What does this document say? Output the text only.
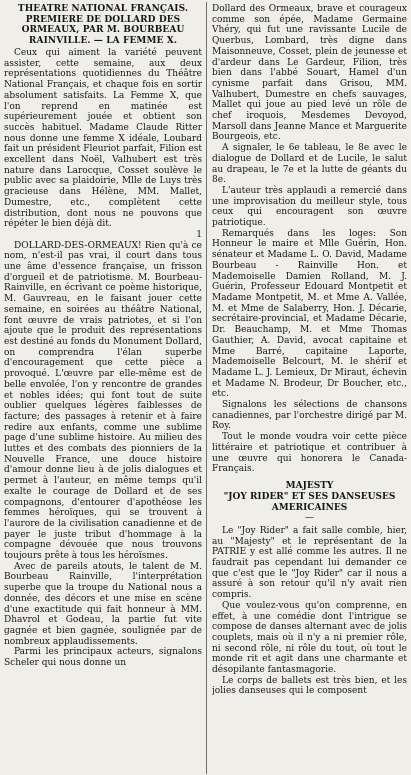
THEATRE NATIONAL FRANÇAIS.
PREMIERE DE DOLLARD DES
ORMEAUX, PAR M. BOURBEAU
RAINVILLE. — LA FEMME X.

Ceux qui aiment la variété peuvent assister, cette semaine, aux deux représentations quotidiennes du Théâtre National Français, et chaque fois en sortir absolument satisfaits. La Femme X, que l'on reprend en matinée est supérieurement jouée et obtient son succès habituel. Madame Claude Ritter nous donne une femme X idéale, Loubard fait un président Fleuriot parfait, Filion est excellent dans Noël, Valhubert est très nature dans Larocque, Cosset soulève le public avec sa plaidoirie, Mlle de Luys très gracieuse dans Hélène, MM. Mallet, Dumestre, etc., complètent cette distribution, dont nous ne pouvons que répéter le bien déjà dit.

1

DOLLARD-DES-ORMEAUX! Rien qu'à ce nom, n'est-il pas vrai, il court dans tous une âme d'essence française, un frisson d'orgueil et de patriotisme. M. Bourbeau-Rainville, en écrivant ce poème historique, M. Gauvreau, en le faisant jouer cette semaine, en soirées au théâtre National, font œuvre de vrais patriotes, et si l'on ajoute que le produit des représentations est destiné au fonds du Monument Dollard, on comprendra l'élan superbe d'encouragement que cette pièce a provoqué. L'œuvre par elle-même est de belle envolée, l'on y rencontre de grandes et nobles idées; qui font tout de suite oublier quelques légères faiblesses de facture; des passages à retenir et à faire redire aux enfants, comme une sublime page d'une sublime histoire. Au milieu des luttes et des combats des pionniers de la Nouvelle France, une douce histoire d'amour donne lieu à de jolis dialogues et permet à l'auteur, en même temps qu'il exalte le courage de Dollard et de ses compagnons, d'entourer d'apothéose les femmes héroïques, qui se trouvent à l'aurore de la civilisation canadienne et de payer le juste tribut d'hommage à la compagne dévouée que nous trouvons toujours prête à tous les héroïsmes.

Avec de pareils atouts, le talent de M. Bourbeau Rainville, l'interprétation superbe que la troupe du National nous a donnée, des décors et une mise en scène d'une exactitude qui fait honneur à MM. Dhavrol et Godeau, la partie fut vite gagnée et bien gagnée, soulignée par de nombreux applaudissements.

Parmi les principaux acteurs, signalons Scheler qui nous donne un

Dollard des Ormeaux, brave et courageux comme son épée, Madame Germaine Vhéry, qui fut une ravissante Lucile de Querbus, Lombard, très digne dans Maisonneuve, Cosset, plein de jeunesse et d'ardeur dans Le Gardeur, Filion, très bien dans l'abbé Souart, Hamel d'un cynisme parfait dans Grisou, MM. Valhubert, Dumestre en chefs sauvages, Mallet qui joue au pied levé un rôle de chef iroquois, Mesdemes Devoyod, Marsoll dans Jeanne Mance et Marguerite Bourgeois, etc.

A signaler, le 6e tableau, le 8e avec le dialogue de Dollard et de Lucile, le salut au drapeau, le 7e et la lutte de géants du 8e.

L'auteur très applaudi a remercié dans une improvisation du meilleur style, tous ceux qui encouragent son œuvre patriotique.

Remarqués dans les loges: Son Honneur le maire et Mlle Guérin, Hon. sénateur et Madame L. O. David, Madame Bourbeau - Rainville Hon. et Mademoiselle Damien Rolland, M. J. Guérin, Professeur Edouard Montpetit et Madame Montpetit, M. et Mme A. Vallée, M. et Mme de Salaberry, Hon. J. Décarie, secrétaire-provincial, et Madame Décarie, Dr. Beauchamp, M. et Mme Thomas Gauthier, A. David, avocat capitaine et Mme Barré, capitaine Laporte, Mademoiselle Belcourt, M. le shérif et Madame L. J. Lemieux, Dr Miraut, échevin et Madame N. Brodeur, Dr Boucher, etc., etc.

Signalons les sélections de chansons canadiennes, par l'orchestre dirigé par M. Roy.

Tout le monde voudra voir cette pièce littéraire et patriotique et contribuer à une œuvre qui honorera le Canada-Français.

MAJESTY
"JOY RIDER" ET SES DANSEUSES AMERICAINES
—

Le "Joy Rider" a fait salle comble, hier, au "Majesty" et le représentant de la PATRIE y est allé comme les autres. Il ne faudrait pas cependant lui demander ce que c'est que le "Joy Rider" car il nous a assuré à son retour qu'il n'y avait rien compris.

Que voulez-vous qu'on comprenne, en effet, à une comédie dont l'intrigue se compose de danses alternant avec de jolis couplets, mais où il n'y a ni premier rôle, ni second rôle, ni rôle du tout, où tout le monde rit et agit dans une charmante et désopilante fantasmagorie.

Le corps de ballets est très bien, et les jolies danseuses qui le composent
